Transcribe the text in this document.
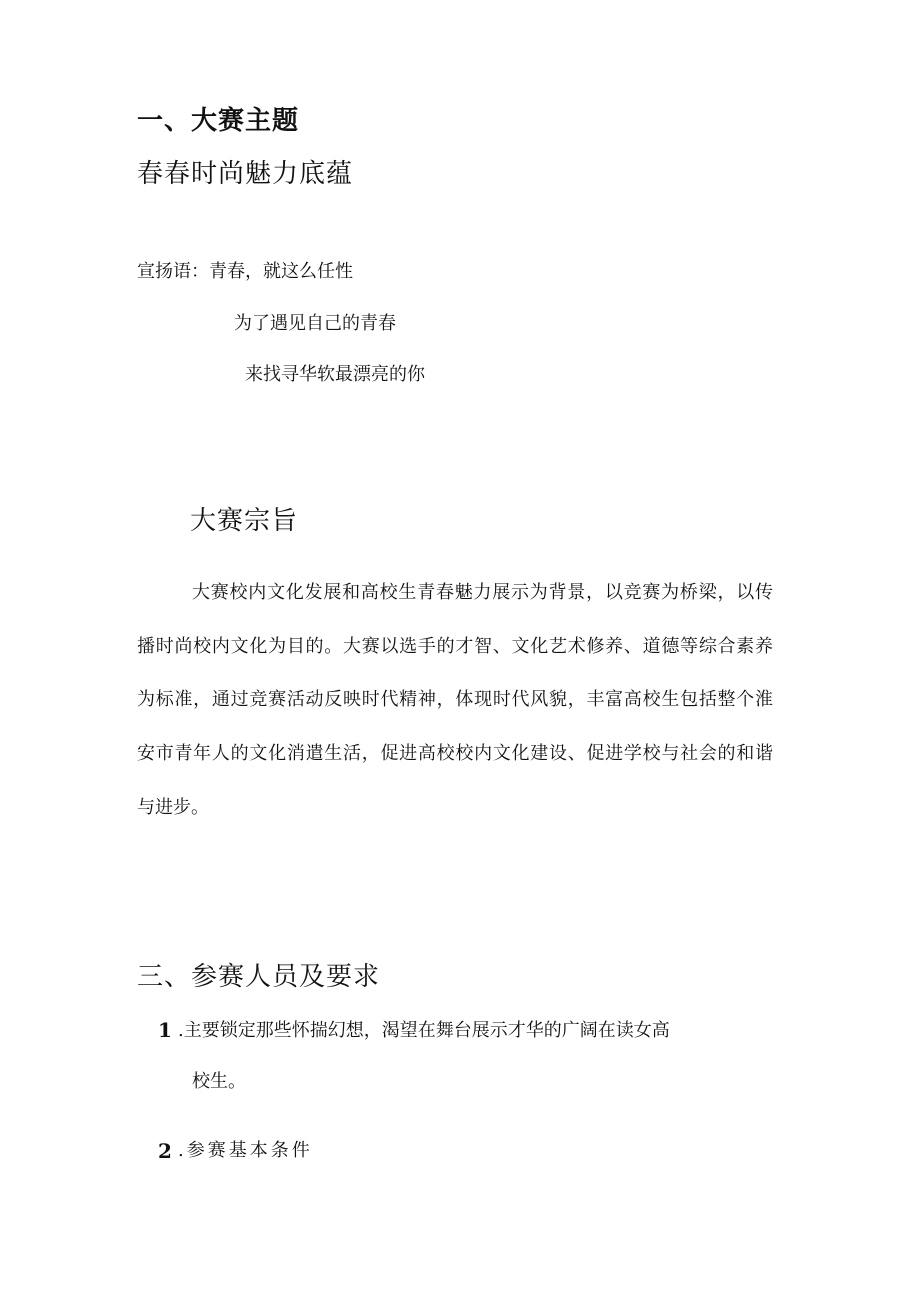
一、大赛主题
春春时尚魅力底蕴
宣扬语：青春，就这么任性
为了遇见自己的青春
来找寻华软最漂亮的你
大赛宗旨
大赛校内文化发展和高校生青春魅力展示为背景，以竞赛为桥梁，以传
播时尚校内文化为目的。大赛以选手的才智、文化艺术修养、道德等综合素养
为标准，通过竞赛活动反映时代精神，体现时代风貌，丰富高校生包括整个淮
安市青年人的文化消遣生活，促进高校校内文化建设、促进学校与社会的和谐
与进步。
三、参赛人员及要求
1 .主要锁定那些怀揣幻想，渴望在舞台展示才华的广阔在读女高
校生。
2 .参赛基本条件
